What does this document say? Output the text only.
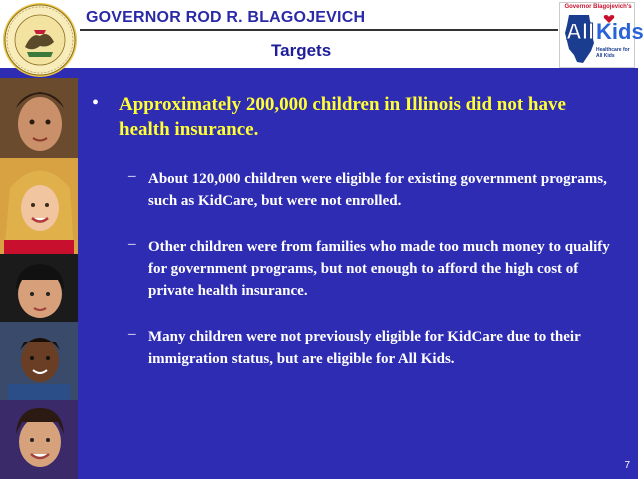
GOVERNOR ROD R. BLAGOJEVICH
Targets
Governor Blagojevich's
All Kids
Healthcare for All Kids
• Approximately 200,000 children in Illinois did not have health insurance.
– About 120,000 children were eligible for existing government programs, such as KidCare, but were not enrolled.
– Other children were from families who made too much money to qualify for government programs, but not enough to afford the high cost of private health insurance.
– Many children were not previously eligible for KidCare due to their immigration status, but are eligible for All Kids.
7
